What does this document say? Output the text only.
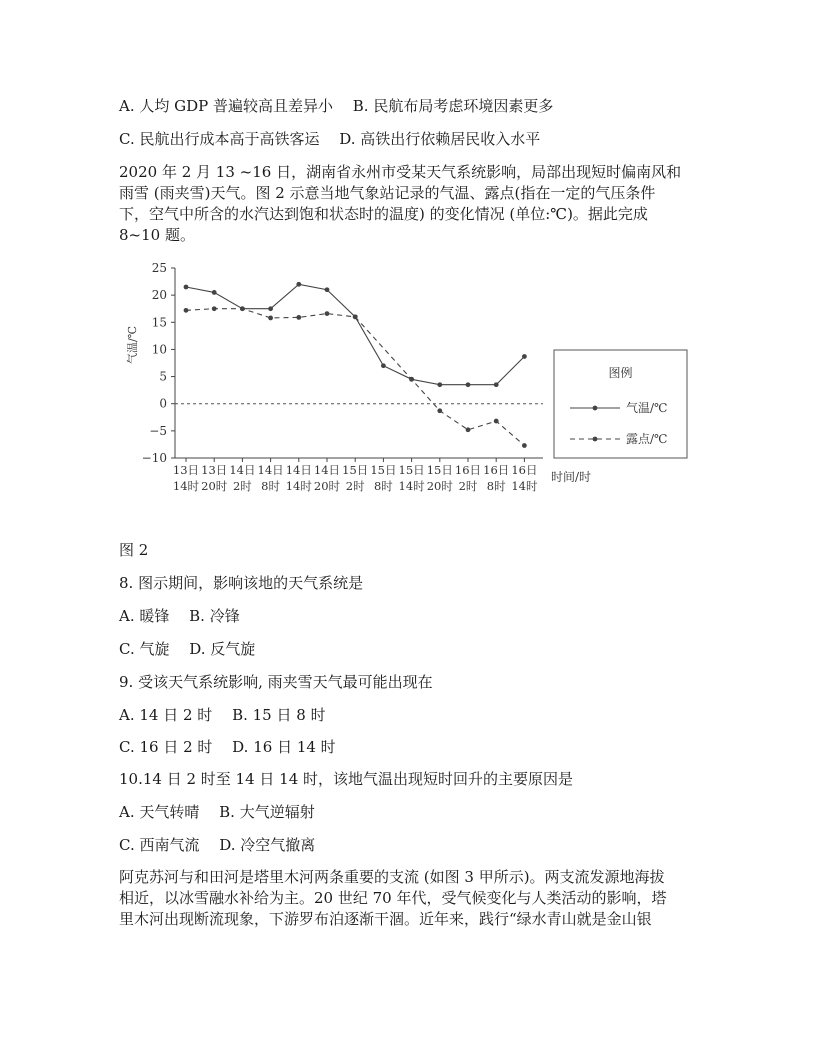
A. 人均 GDP 普遍较高且差异小　 B. 民航布局考虑环境因素更多
C. 民航出行成本高于高铁客运　 D. 高铁出行依赖居民收入水平
2020 年 2 月 13 ~16 日，湖南省永州市受某天气系统影响，局部出现短时偏南风和
雨雪 (雨夹雪)天气。图 2 示意当地气象站记录的气温、露点(指在一定的气压条件
下，空气中所含的水汽达到饱和状态时的温度) 的变化情况 (单位:℃)。据此完成
8~10 题。
25
20
15
10
5
0
−5
−10
气温/℃
13日
14时
13日
20时
14日
2时
14日
8时
14日
14时
14日
20时
15日
2时
15日
8时
15日
14时
15日
20时
16日
2时
16日
8时
16日
14时
时间/时
图例
气温/℃
露点/℃
图 2
8. 图示期间，影响该地的天气系统是
A. 暖锋　 B. 冷锋
C. 气旋　 D. 反气旋
9. 受该天气系统影响, 雨夹雪天气最可能出现在
A. 14 日 2 时　 B. 15 日 8 时
C. 16 日 2 时　 D. 16 日 14 时
10.14 日 2 时至 14 日 14 时，该地气温出现短时回升的主要原因是
A. 天气转晴　 B. 大气逆辐射
C. 西南气流　 D. 冷空气撤离
阿克苏河与和田河是塔里木河两条重要的支流 (如图 3 甲所示)。两支流发源地海拔
相近，以冰雪融水补给为主。20 世纪 70 年代，受气候变化与人类活动的影响，塔
里木河出现断流现象，下游罗布泊逐渐干涸。近年来，践行“绿水青山就是金山银
